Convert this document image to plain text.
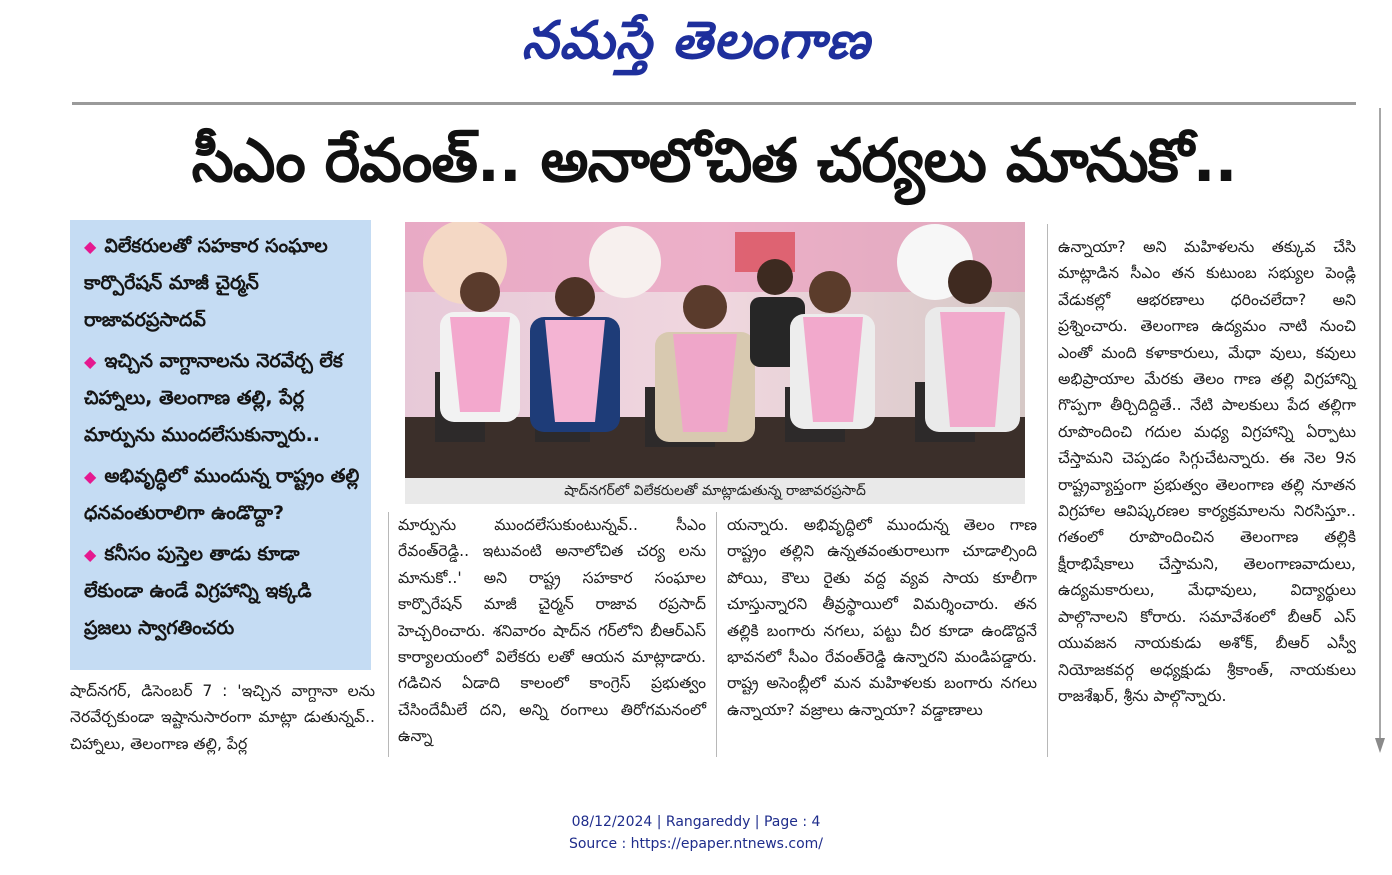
నమస్తే తెలంగాణ
సీఎం రేవంత్.. అనాలోచిత చర్యలు మానుకో..
◆ విలేకరులతో సహకార సంఘాల కార్పొరేషన్ మాజీ చైర్మన్ రాజావరప్రసాదవ్
◆ ఇచ్చిన వాగ్దానాలను నెరవేర్చ లేక చిహ్నాలు, తెలంగాణ తల్లి, పేర్ల మార్పును ముందలేసుకున్నారు..
◆ అభివృద్ధిలో ముందున్న రాష్ట్రం తల్లి ధనవంతురాలిగా ఉండొద్దా?
◆ కనీసం పుస్తెల తాడు కూడా లేకుండా ఉండే విగ్రహాన్ని ఇక్కడి ప్రజలు స్వాగతించరు
షాద్‌నగర్‌లో విలేకరులతో మాట్లాడుతున్న రాజావరప్రసాద్
షాద్‌నగర్, డిసెంబర్ 7 : 'ఇచ్చిన వాగ్దానా లను నెరవేర్చకుండా ఇష్టానుసారంగా మాట్లా డుతున్నవ్.. చిహ్నాలు, తెలంగాణ తల్లి, పేర్ల
మార్పును ముందలేసుకుంటున్నవ్.. సీఎం రేవంత్‌రెడ్డి.. ఇటువంటి అనాలోచిత చర్య లను మానుకో..' అని రాష్ట్ర సహకార సంఘాల కార్పొరేషన్ మాజీ చైర్మన్ రాజావ రప్రసాద్ హెచ్చరించారు. శనివారం షాద్‌న గర్‌లోని బీఆర్‌ఎస్ కార్యాలయంలో విలేకరు లతో ఆయన మాట్లాడారు. గడిచిన ఏడాది కాలంలో కాంగ్రెస్ ప్రభుత్వం చేసిందేమీలే దని, అన్ని రంగాలు తిరోగమనంలో ఉన్నా
యన్నారు. అభివృద్ధిలో ముందున్న తెలం గాణ రాష్ట్రం తల్లిని ఉన్నతవంతురాలుగా చూడాల్సింది పోయి, కౌలు రైతు వద్ద వ్యవ సాయ కూలీగా చూస్తున్నారని తీవ్రస్థాయిలో విమర్శించారు. తన తల్లికి బంగారు నగలు, పట్టు చీర కూడా ఉండొద్దనే భావనలో సీఎం రేవంత్‌రెడ్డి ఉన్నారని మండిపడ్డారు. రాష్ట్ర అసెంబ్లీలో మన మహిళలకు బంగారు నగలు ఉన్నాయా? వజ్రాలు ఉన్నాయా? వడ్డాణాలు
ఉన్నాయా? అని మహిళలను తక్కువ చేసి మాట్లాడిన సీఎం తన కుటుంబ సభ్యుల పెండ్లి వేడుకల్లో ఆభరణాలు ధరించలేదా? అని ప్రశ్నించారు. తెలంగాణ ఉద్యమం నాటి నుంచి ఎంతో మంది కళాకారులు, మేధా వులు, కవులు అభిప్రాయాల మేరకు తెలం గాణ తల్లి విగ్రహాన్ని గొప్పగా తీర్చిదిద్దితే.. నేటి పాలకులు పేద తల్లిగా రూపొందించి గదుల మధ్య విగ్రహాన్ని ఏర్పాటు చేస్తామని చెప్పడం సిగ్గుచేటన్నారు. ఈ నెల 9న రాష్ట్రవ్యాప్తంగా ప్రభుత్వం తెలంగాణ తల్లి నూతన విగ్రహాల ఆవిష్కరణల కార్యక్రమాలను నిరసిస్తూ.. గతంలో రూపొందించిన తెలంగాణ తల్లికి క్షీరాభిషేకాలు చేస్తామని, తెలంగాణవాదులు, ఉద్యమకారులు, మేధావులు, విద్యార్థులు పాల్గొనాలని కోరారు. సమావేశంలో బీఆర్ ఎస్ యువజన నాయకుడు అశోక్, బీఆర్ ఎస్వీ నియోజకవర్గ అధ్యక్షుడు శ్రీకాంత్, నాయకులు రాజశేఖర్, శ్రీను పాల్గొన్నారు.
08/12/2024 | Rangareddy | Page : 4
Source : https://epaper.ntnews.com/
